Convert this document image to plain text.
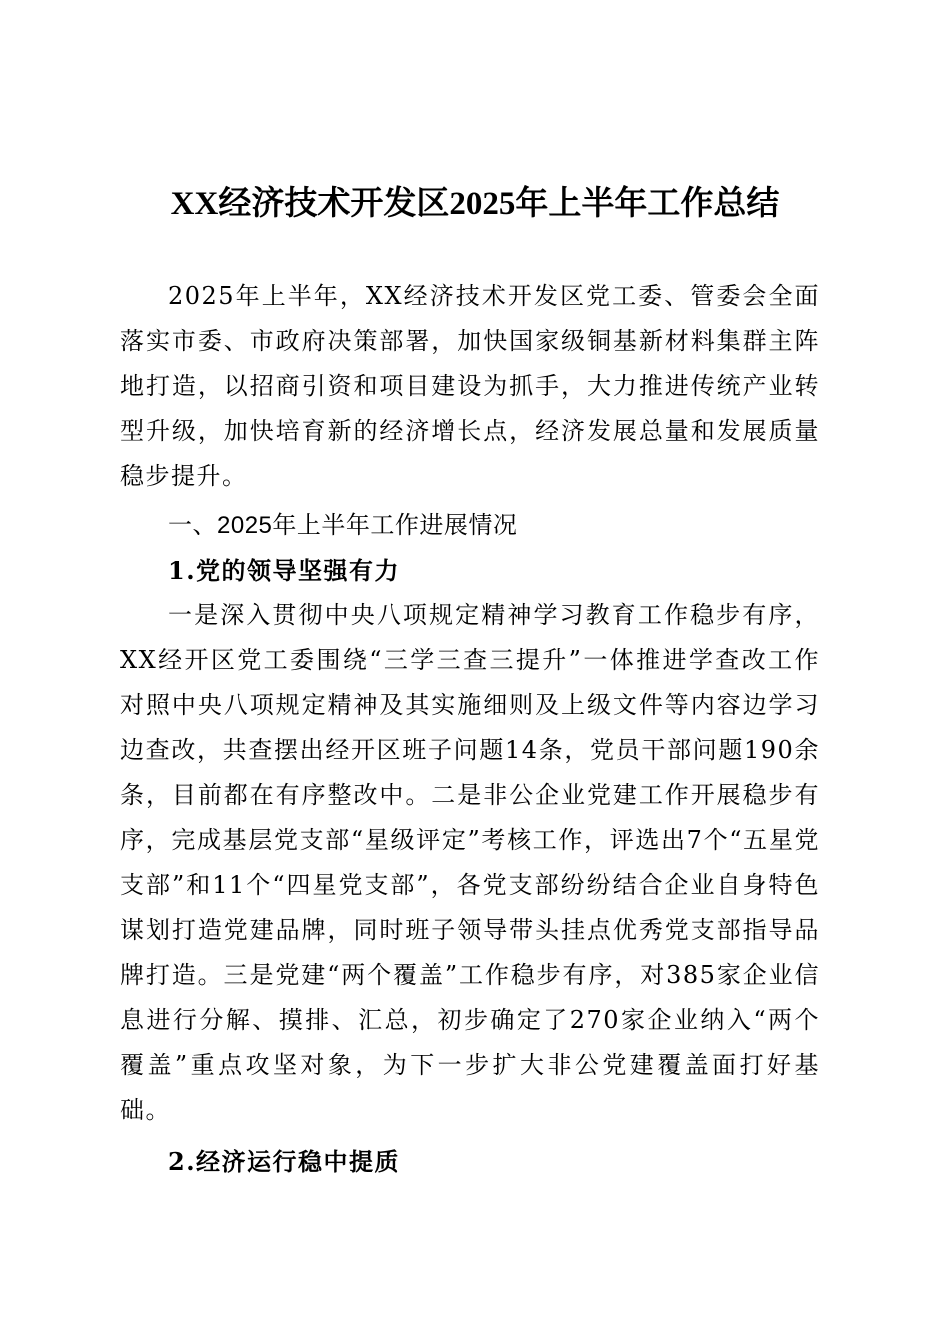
XX经济技术开发区2025年上半年工作总结

2025年上半年，XX经济技术开发区党工委、管委会全面落实市委、市政府决策部署，加快国家级铜基新材料集群主阵地打造，以招商引资和项目建设为抓手，大力推进传统产业转型升级，加快培育新的经济增长点，经济发展总量和发展质量稳步提升。

一、2025年上半年工作进展情况

1.党的领导坚强有力

一是深入贯彻中央八项规定精神学习教育工作稳步有序，XX经开区党工委围绕“三学三查三提升”一体推进学查改工作对照中央八项规定精神及其实施细则及上级文件等内容边学习边查改，共查摆出经开区班子问题14条，党员干部问题190余条，目前都在有序整改中。二是非公企业党建工作开展稳步有序，完成基层党支部“星级评定”考核工作，评选出7个“五星党支部”和11个“四星党支部”，各党支部纷纷结合企业自身特色谋划打造党建品牌，同时班子领导带头挂点优秀党支部指导品牌打造。三是党建“两个覆盖”工作稳步有序，对385家企业信息进行分解、摸排、汇总，初步确定了270家企业纳入“两个覆盖”重点攻坚对象，为下一步扩大非公党建覆盖面打好基础。

2.经济运行稳中提质
